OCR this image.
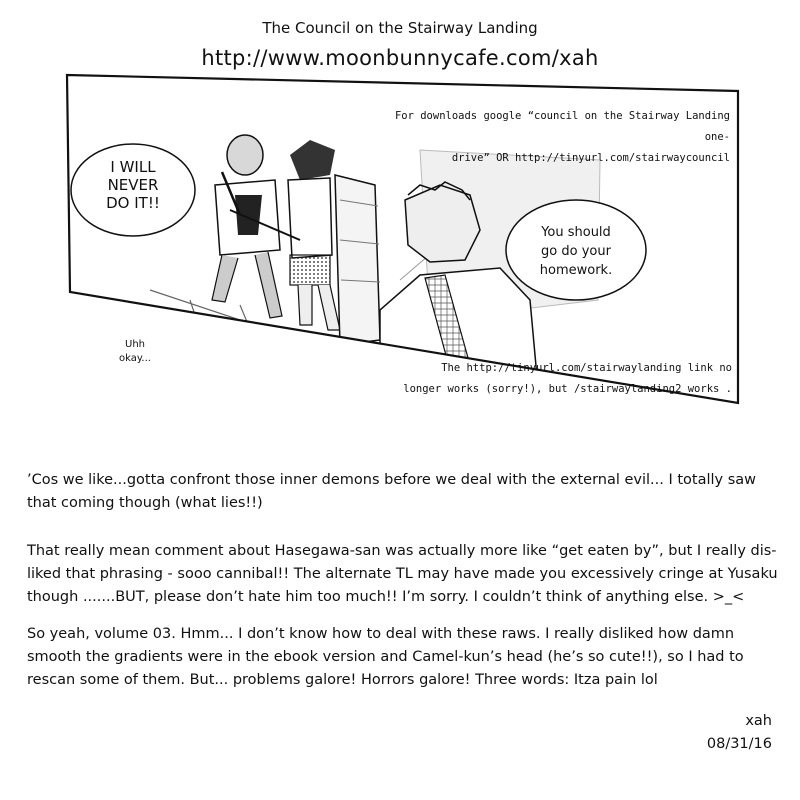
The Council on the Stairway Landing
http://www.moonbunnycafe.com/xah
For downloads google “council on the Stairway Landing one-
drive” OR http://tinyurl.com/stairwaycouncil
I WILL
NEVER
DO IT!!
You should
go do your
homework.
Uhh
okay...
The http://tinyurl.com/stairwaylanding link no
longer works (sorry!), but /stairwaylanding2 works .
’Cos we like...gotta confront those inner demons before we deal with the external evil... I totally saw that coming though (what lies!!)
That really mean comment about Hasegawa-san was actually more like “get eaten by”, but I really dis-liked that phrasing - sooo cannibal!! The alternate TL may have made you excessively cringe at Yusaku though .......BUT, please don’t hate him too much!! I’m sorry. I couldn’t think of anything else. >_<
So yeah, volume 03. Hmm... I don’t know how to deal with these raws. I really disliked how damn smooth the gradients were in the ebook version and Camel-kun’s head (he’s so cute!!), so I had to rescan some of them. But... problems galore! Horrors galore! Three words: Itza pain lol
xah
08/31/16
